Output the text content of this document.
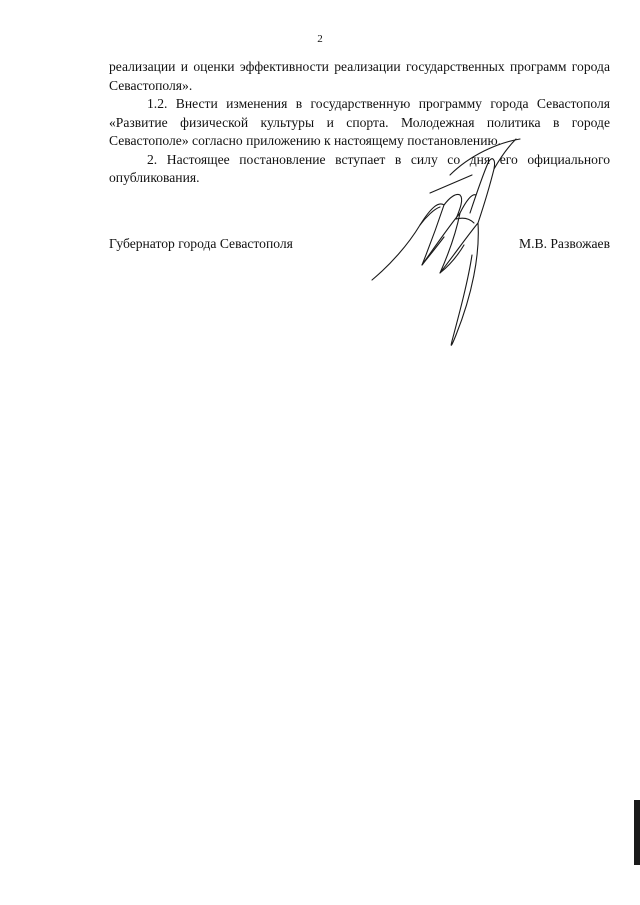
2

реализации и оценки эффективности реализации государственных программ города Севастополя».

1.2. Внести изменения в государственную программу города Севастополя «Развитие физической культуры и спорта. Молодежная политика в городе Севастополе» согласно приложению к настоящему постановлению.

2. Настоящее постановление вступает в силу со дня его официального опубликования.

Губернатор города Севастополя	М.В. Развожаев
